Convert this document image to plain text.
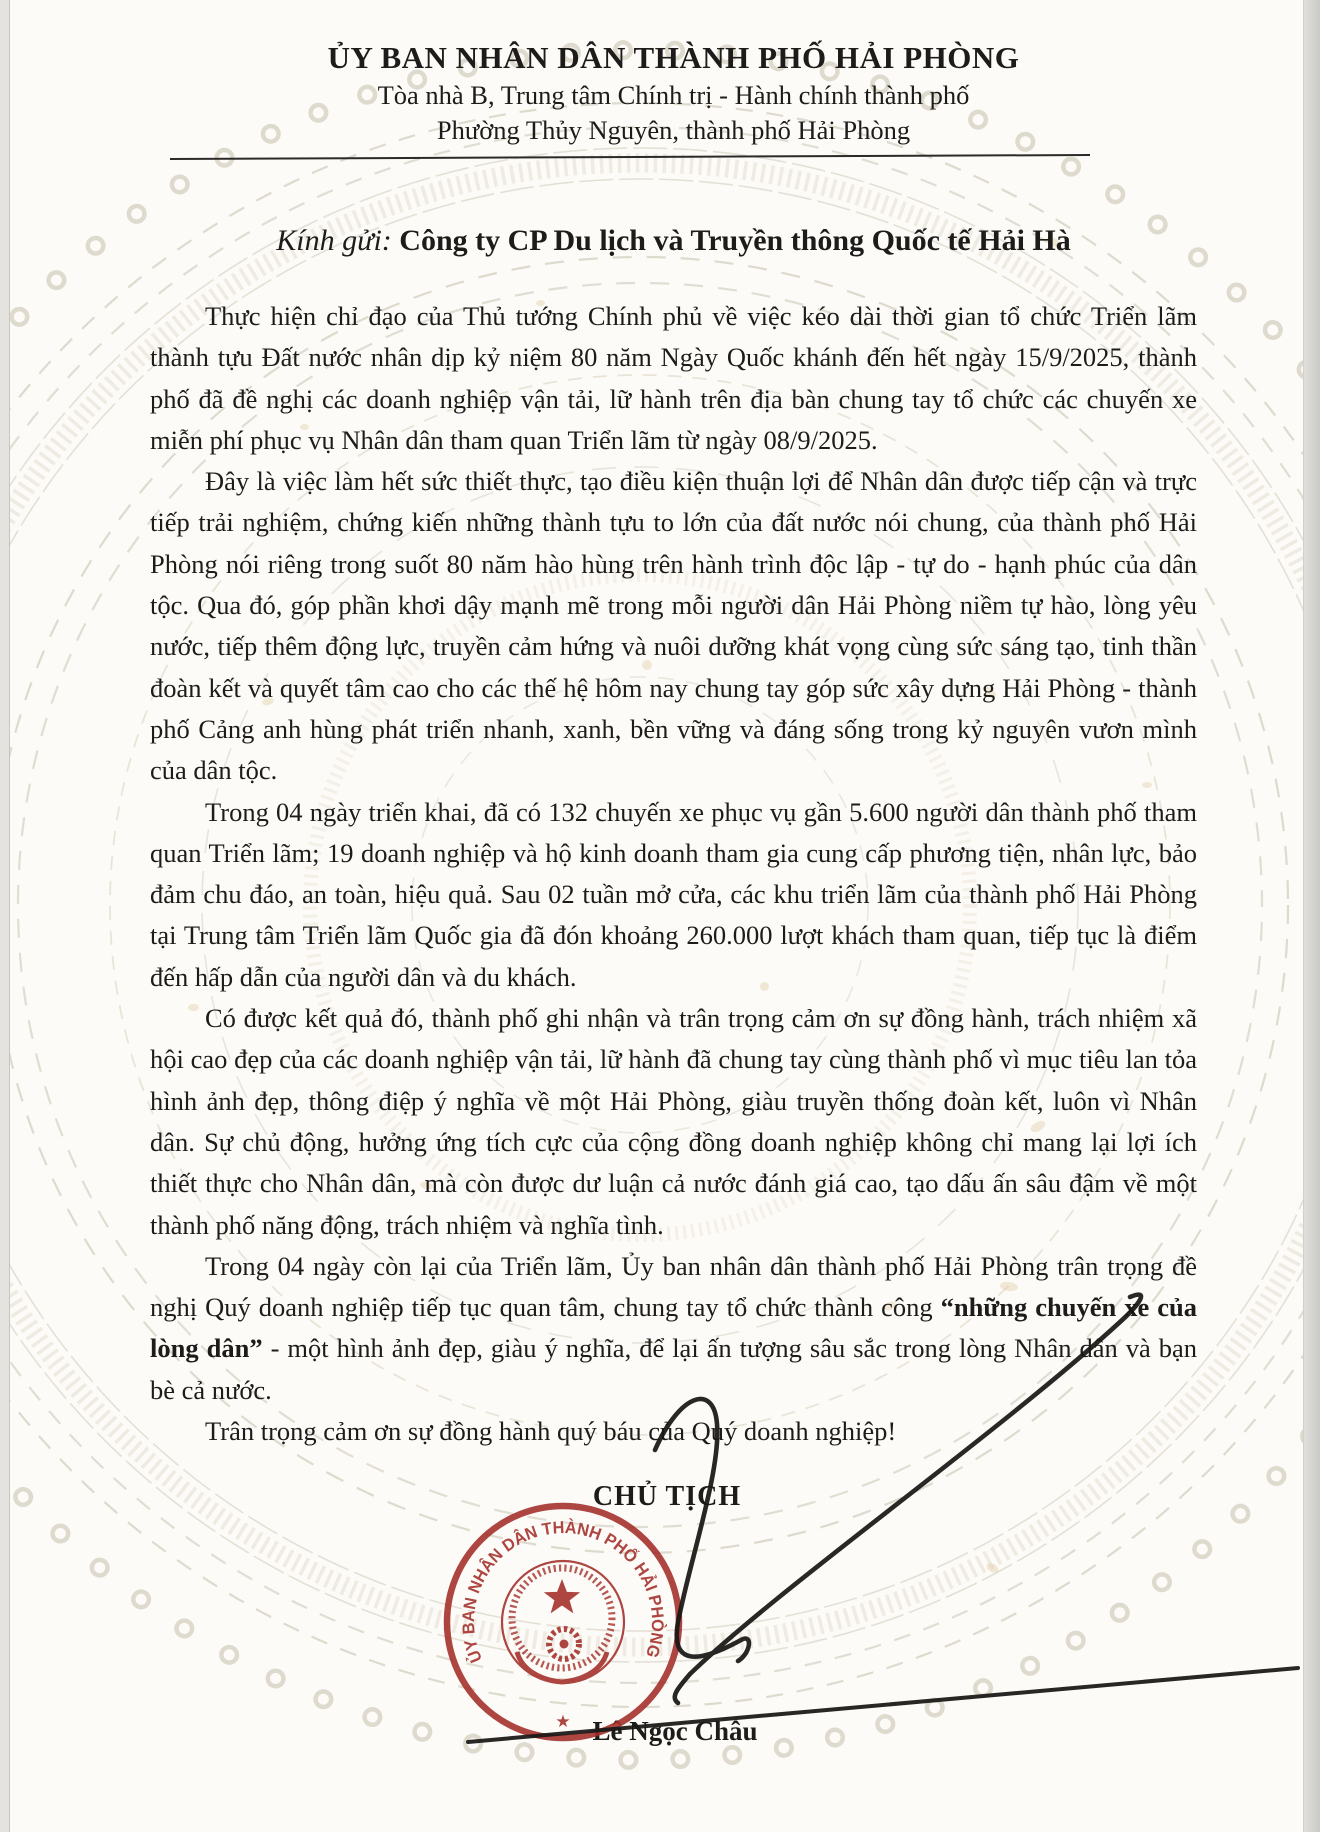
ỦY BAN NHÂN DÂN THÀNH PHỐ HẢI PHÒNG
Tòa nhà B, Trung tâm Chính trị - Hành chính thành phố
Phường Thủy Nguyên, thành phố Hải Phòng

Kính gửi: Công ty CP Du lịch và Truyền thông Quốc tế Hải Hà

Thực hiện chỉ đạo của Thủ tướng Chính phủ về việc kéo dài thời gian tổ chức Triển lãm thành tựu Đất nước nhân dịp kỷ niệm 80 năm Ngày Quốc khánh đến hết ngày 15/9/2025, thành phố đã đề nghị các doanh nghiệp vận tải, lữ hành trên địa bàn chung tay tổ chức các chuyến xe miễn phí phục vụ Nhân dân tham quan Triển lãm từ ngày 08/9/2025.

Đây là việc làm hết sức thiết thực, tạo điều kiện thuận lợi để Nhân dân được tiếp cận và trực tiếp trải nghiệm, chứng kiến những thành tựu to lớn của đất nước nói chung, của thành phố Hải Phòng nói riêng trong suốt 80 năm hào hùng trên hành trình độc lập - tự do - hạnh phúc của dân tộc. Qua đó, góp phần khơi dậy mạnh mẽ trong mỗi người dân Hải Phòng niềm tự hào, lòng yêu nước, tiếp thêm động lực, truyền cảm hứng và nuôi dưỡng khát vọng cùng sức sáng tạo, tinh thần đoàn kết và quyết tâm cao cho các thế hệ hôm nay chung tay góp sức xây dựng Hải Phòng - thành phố Cảng anh hùng phát triển nhanh, xanh, bền vững và đáng sống trong kỷ nguyên vươn mình của dân tộc.

Trong 04 ngày triển khai, đã có 132 chuyến xe phục vụ gần 5.600 người dân thành phố tham quan Triển lãm; 19 doanh nghiệp và hộ kinh doanh tham gia cung cấp phương tiện, nhân lực, bảo đảm chu đáo, an toàn, hiệu quả. Sau 02 tuần mở cửa, các khu triển lãm của thành phố Hải Phòng tại Trung tâm Triển lãm Quốc gia đã đón khoảng 260.000 lượt khách tham quan, tiếp tục là điểm đến hấp dẫn của người dân và du khách.

Có được kết quả đó, thành phố ghi nhận và trân trọng cảm ơn sự đồng hành, trách nhiệm xã hội cao đẹp của các doanh nghiệp vận tải, lữ hành đã chung tay cùng thành phố vì mục tiêu lan tỏa hình ảnh đẹp, thông điệp ý nghĩa về một Hải Phòng, giàu truyền thống đoàn kết, luôn vì Nhân dân. Sự chủ động, hưởng ứng tích cực của cộng đồng doanh nghiệp không chỉ mang lại lợi ích thiết thực cho Nhân dân, mà còn được dư luận cả nước đánh giá cao, tạo dấu ấn sâu đậm về một thành phố năng động, trách nhiệm và nghĩa tình.

Trong 04 ngày còn lại của Triển lãm, Ủy ban nhân dân thành phố Hải Phòng trân trọng đề nghị Quý doanh nghiệp tiếp tục quan tâm, chung tay tổ chức thành công “những chuyến xe của lòng dân” - một hình ảnh đẹp, giàu ý nghĩa, để lại ấn tượng sâu sắc trong lòng Nhân dân và bạn bè cả nước.

Trân trọng cảm ơn sự đồng hành quý báu của Quý doanh nghiệp!

CHỦ TỊCH

Lê Ngọc Châu

ỦY BAN NHÂN DÂN THÀNH PHỐ HẢI PHÒNG
★
